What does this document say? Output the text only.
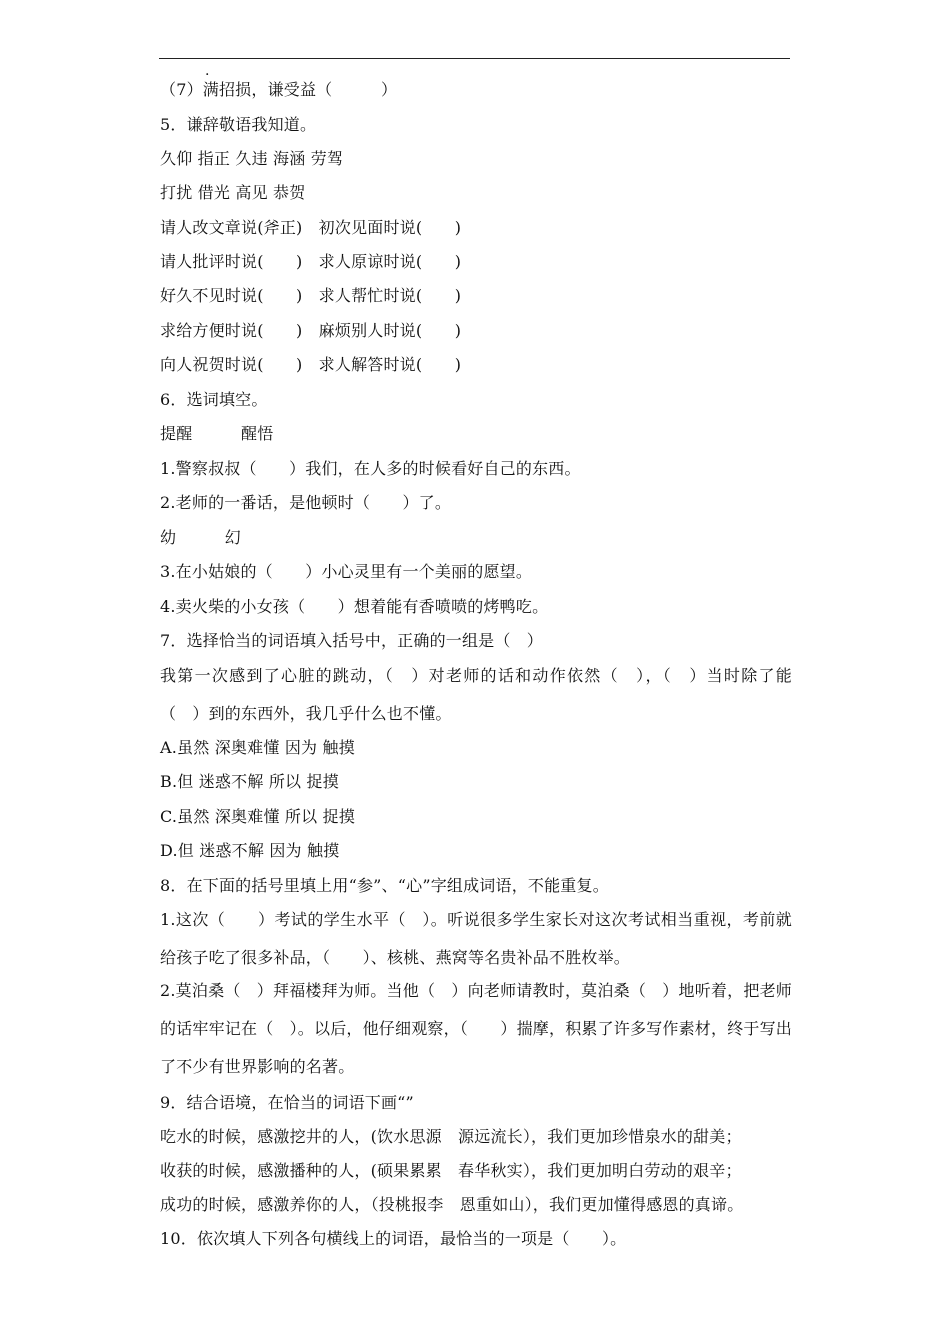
.
（7）满招损，谦受益（　　　）
5．谦辞敬语我知道。
久仰 指正 久违 海涵 劳驾
打扰 借光 高见 恭贺
请人改文章说(斧正)　初次见面时说(　　)
请人批评时说(　　)　求人原谅时说(　　)
好久不见时说(　　)　求人帮忙时说(　　)
求给方便时说(　　)　麻烦别人时说(　　)
向人祝贺时说(　　)　求人解答时说(　　)
6．选词填空。
提醒　　　醒悟
1.警察叔叔（　　）我们，在人多的时候看好自己的东西。
2.老师的一番话，是他顿时（　　）了。
幼　　　幻
3.在小姑娘的（　　）小心灵里有一个美丽的愿望。
4.卖火柴的小女孩（　　）想着能有香喷喷的烤鸭吃。
7．选择恰当的词语填入括号中，正确的一组是（　）
我第一次感到了心脏的跳动，（　）对老师的话和动作依然（　），（　）当时除了能（　）到的东西外，我几乎什么也不懂。
A.虽然 深奥难懂 因为 触摸
B.但 迷惑不解 所以 捉摸
C.虽然 深奥难懂 所以 捉摸
D.但 迷惑不解 因为 触摸
8．在下面的括号里填上用“参”、“心”字组成词语，不能重复。
1.这次（　　）考试的学生水平（　）。听说很多学生家长对这次考试相当重视，考前就给孩子吃了很多补品，（　　）、核桃、燕窝等名贵补品不胜枚举。
2.莫泊桑（　）拜福楼拜为师。当他（　）向老师请教时，莫泊桑（　）地听着，把老师的话牢牢记在（　）。以后，他仔细观察，（　　）揣摩，积累了许多写作素材，终于写出了不少有世界影响的名著。
9．结合语境，在恰当的词语下画“”
吃水的时候，感激挖井的人，(饮水思源　源远流长），我们更加珍惜泉水的甜美；
收获的时候，感激播种的人，(硕果累累　春华秋实），我们更加明白劳动的艰辛；
成功的时候，感激养你的人，（投桃报李　恩重如山），我们更加懂得感恩的真谛。
10．依次填人下列各句横线上的词语，最恰当的一项是（　　）。
